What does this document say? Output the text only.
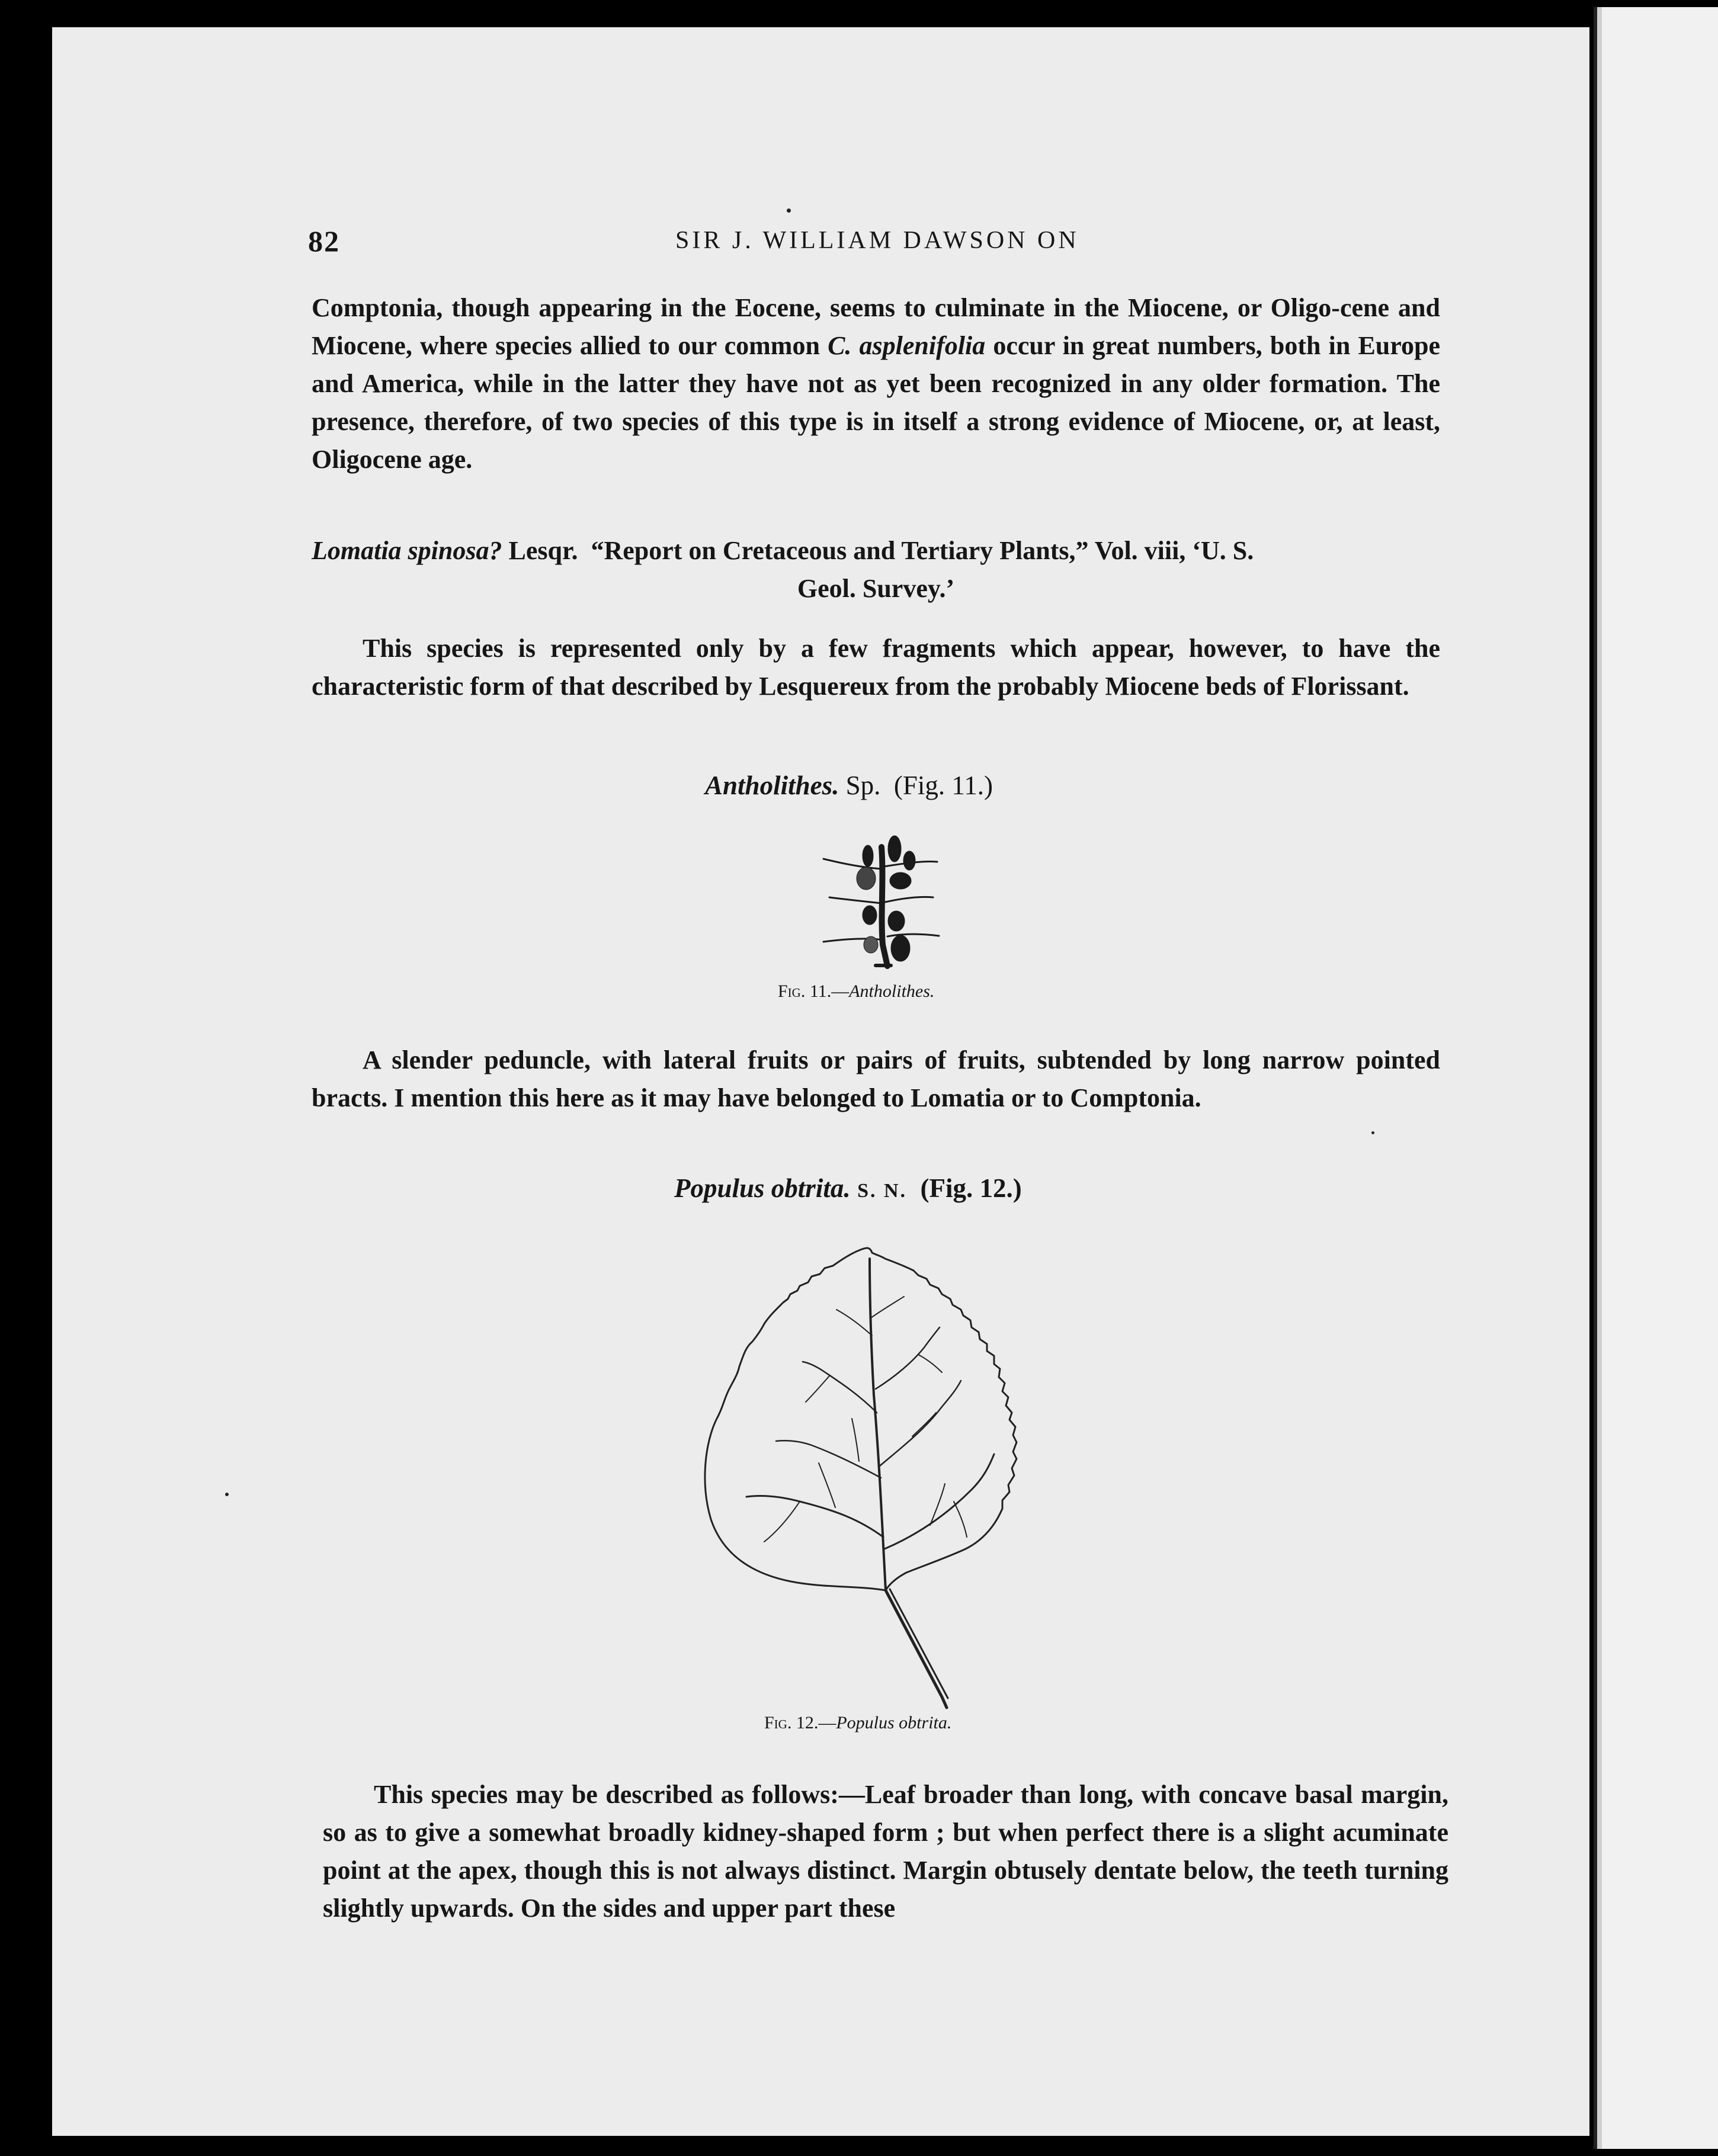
82	SIR J. WILLIAM DAWSON ON

Comptonia, though appearing in the Eocene, seems to culminate in the Miocene, or Oligo-cene and Miocene, where species allied to our common C. asplenifolia occur in great numbers, both in Europe and America, while in the latter they have not as yet been recognized in any older formation. The presence, therefore, of two species of this type is in itself a strong evidence of Miocene, or, at least, Oligocene age.

Lomatia spinosa? Lesqr.  “Report on Cretaceous and Tertiary Plants,” Vol. viii, ‘U. S.
Geol. Survey.’

This species is represented only by a few fragments which appear, however, to have the characteristic form of that described by Lesquereux from the probably Miocene beds of Florissant.

Antholithes. Sp.  (Fig. 11.)
Fig. 11.—Antholithes.

A slender peduncle, with lateral fruits or pairs of fruits, subtended by long narrow pointed bracts. I mention this here as it may have belonged to Lomatia or to Comptonia.

Populus obtrita. S. N.  (Fig. 12.)
Fig. 12.—Populus obtrita.

This species may be described as follows:—Leaf broader than long, with concave basal margin, so as to give a somewhat broadly kidney-shaped form ; but when perfect there is a slight acuminate point at the apex, though this is not always distinct. Margin obtusely dentate below, the teeth turning slightly upwards. On the sides and upper part these
